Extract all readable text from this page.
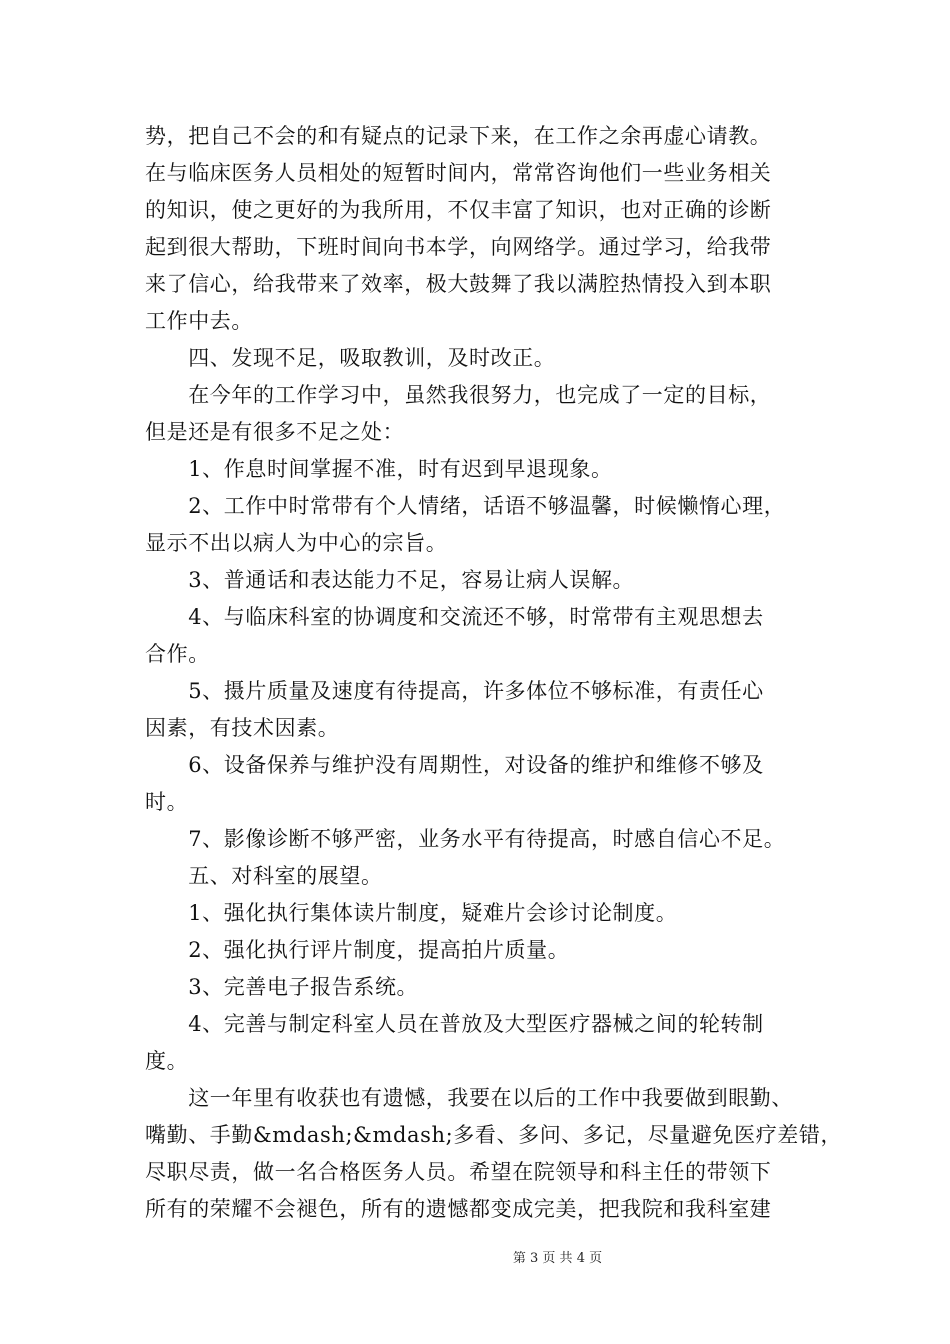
势，把自己不会的和有疑点的记录下来，在工作之余再虚心请教。
在与临床医务人员相处的短暂时间内，常常咨询他们一些业务相关
的知识，使之更好的为我所用，不仅丰富了知识，也对正确的诊断
起到很大帮助，下班时间向书本学，向网络学。通过学习，给我带
来了信心，给我带来了效率，极大鼓舞了我以满腔热情投入到本职
工作中去。
　　四、发现不足，吸取教训，及时改正。
　　在今年的工作学习中，虽然我很努力，也完成了一定的目标，
但是还是有很多不足之处：
　　1、作息时间掌握不准，时有迟到早退现象。
　　2、工作中时常带有个人情绪，话语不够温馨，时候懒惰心理，
显示不出以病人为中心的宗旨。
　　3、普通话和表达能力不足，容易让病人误解。
　　4、与临床科室的协调度和交流还不够，时常带有主观思想去
合作。
　　5、摄片质量及速度有待提高，许多体位不够标准，有责任心
因素，有技术因素。
　　6、设备保养与维护没有周期性，对设备的维护和维修不够及
时。
　　7、影像诊断不够严密，业务水平有待提高，时感自信心不足。
　　五、对科室的展望。
　　1、强化执行集体读片制度，疑难片会诊讨论制度。
　　2、强化执行评片制度，提高拍片质量。
　　3、完善电子报告系统。
　　4、完善与制定科室人员在普放及大型医疗器械之间的轮转制
度。
　　这一年里有收获也有遗憾，我要在以后的工作中我要做到眼勤、
嘴勤、手勤&mdash;&mdash;多看、多问、多记，尽量避免医疗差错，
尽职尽责，做一名合格医务人员。希望在院领导和科主任的带领下
所有的荣耀不会褪色，所有的遗憾都变成完美，把我院和我科室建
第 3 页 共 4 页
